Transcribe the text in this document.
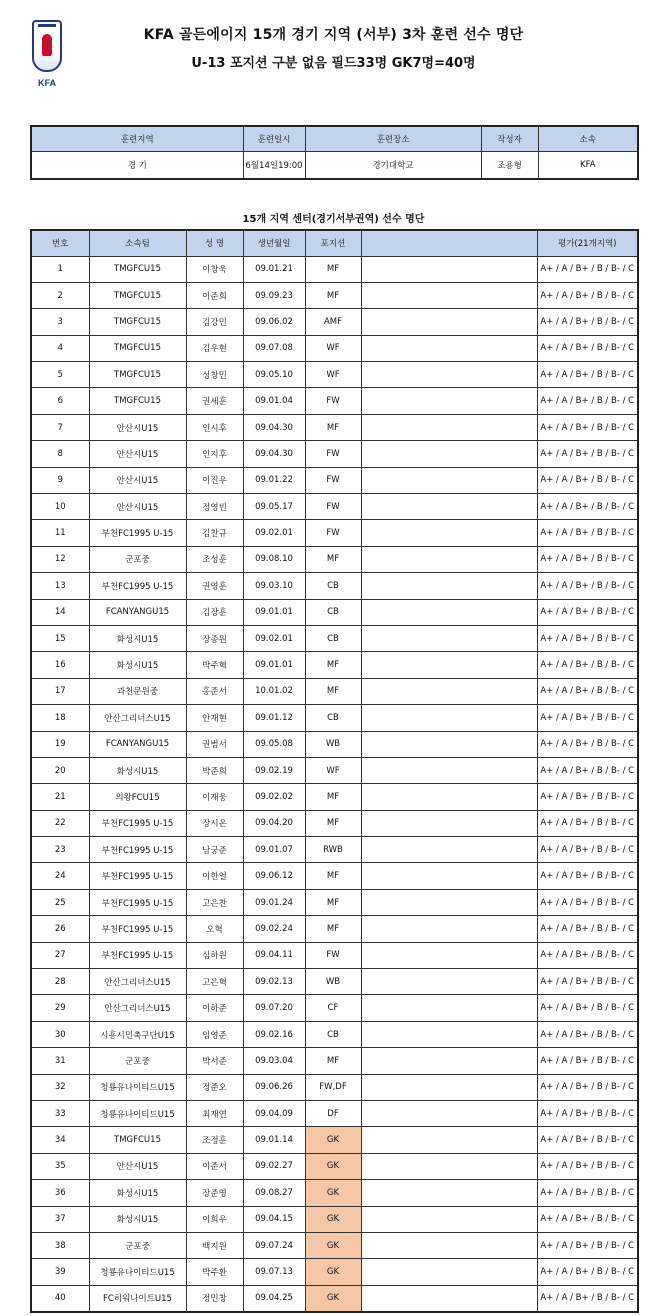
KFA
KFA 골든에이지 15개 경기 지역 (서부) 3차 훈련 선수 명단
U-13 포지션 구분 없음 필드33명 GK7명=40명
훈련지역	훈련일시	훈련장소	작성자	소속
경 기	6월14일19:00	경기대학교	조용형	KFA
15개 지역 센터(경기서부권역) 선수 명단
번호	소속팀	성 명	생년월일	포지션		평가(21개지역)
1	TMGFCU15	이창욱	09.01.21	MF		A+ / A / B+ / B / B- / C
2	TMGFCU15	이준희	09.09.23	MF		A+ / A / B+ / B / B- / C
3	TMGFCU15	김강민	09.06.02	AMF		A+ / A / B+ / B / B- / C
4	TMGFCU15	김우현	09.07.08	WF		A+ / A / B+ / B / B- / C
5	TMGFCU15	성창민	09.05.10	WF		A+ / A / B+ / B / B- / C
6	TMGFCU15	권세훈	09.01.04	FW		A+ / A / B+ / B / B- / C
7	안산시U15	인시후	09.04.30	MF		A+ / A / B+ / B / B- / C
8	안산시U15	인지후	09.04.30	FW		A+ / A / B+ / B / B- / C
9	안산시U15	이진우	09.01.22	FW		A+ / A / B+ / B / B- / C
10	안산시U15	정영빈	09.05.17	FW		A+ / A / B+ / B / B- / C
11	부천FC1995 U-15	김찬규	09.02.01	FW		A+ / A / B+ / B / B- / C
12	군포중	조성훈	09.08.10	MF		A+ / A / B+ / B / B- / C
13	부천FC1995 U-15	권영훈	09.03.10	CB		A+ / A / B+ / B / B- / C
14	FCANYANGU15	김장훈	09.01.01	CB		A+ / A / B+ / B / B- / C
15	화성시U15	장종원	09.02.01	CB		A+ / A / B+ / B / B- / C
16	화성시U15	박주혁	09.01.01	MF		A+ / A / B+ / B / B- / C
17	과천문원중	홍준서	10.01.02	MF		A+ / A / B+ / B / B- / C
18	안산그리너스U15	안재현	09.01.12	CB		A+ / A / B+ / B / B- / C
19	FCANYANGU15	권범서	09.05.08	WB		A+ / A / B+ / B / B- / C
20	화성시U15	박준희	09.02.19	WF		A+ / A / B+ / B / B- / C
21	의왕FCU15	이재웅	09.02.02	MF		A+ / A / B+ / B / B- / C
22	부천FC1995 U-15	장시온	09.04.20	MF		A+ / A / B+ / B / B- / C
23	부천FC1995 U-15	남궁준	09.01.07	RWB		A+ / A / B+ / B / B- / C
24	부천FC1995 U-15	이한얼	09.06.12	MF		A+ / A / B+ / B / B- / C
25	부천FC1995 U-15	고은찬	09.01.24	MF		A+ / A / B+ / B / B- / C
26	부천FC1995 U-15	오혁	09.02.24	MF		A+ / A / B+ / B / B- / C
27	부천FC1995 U-15	심하원	09.04.11	FW		A+ / A / B+ / B / B- / C
28	안산그리너스U15	고은혁	09.02.13	WB		A+ / A / B+ / B / B- / C
29	안산그리너스U15	이하준	09.07.20	CF		A+ / A / B+ / B / B- / C
30	시흥시민축구단U15	임영준	09.02.16	CB		A+ / A / B+ / B / B- / C
31	군포중	박서준	09.03.04	MF		A+ / A / B+ / B / B- / C
32	청룡유나이티드U15	정준오	09.06.26	FW,DF		A+ / A / B+ / B / B- / C
33	청룡유나이티드U15	최재연	09.04.09	DF		A+ / A / B+ / B / B- / C
34	TMGFCU15	조정훈	09.01.14	GK		A+ / A / B+ / B / B- / C
35	안산시U15	이준서	09.02.27	GK		A+ / A / B+ / B / B- / C
36	화성시U15	장준영	09.08.27	GK		A+ / A / B+ / B / B- / C
37	화성시U15	이희우	09.04.15	GK		A+ / A / B+ / B / B- / C
38	군포중	백지원	09.07.24	GK		A+ / A / B+ / B / B- / C
39	청룡유나이티드U15	박주환	09.07.13	GK		A+ / A / B+ / B / B- / C
40	FC히워나이트U15	정민창	09.04.25	GK		A+ / A / B+ / B / B- / C
